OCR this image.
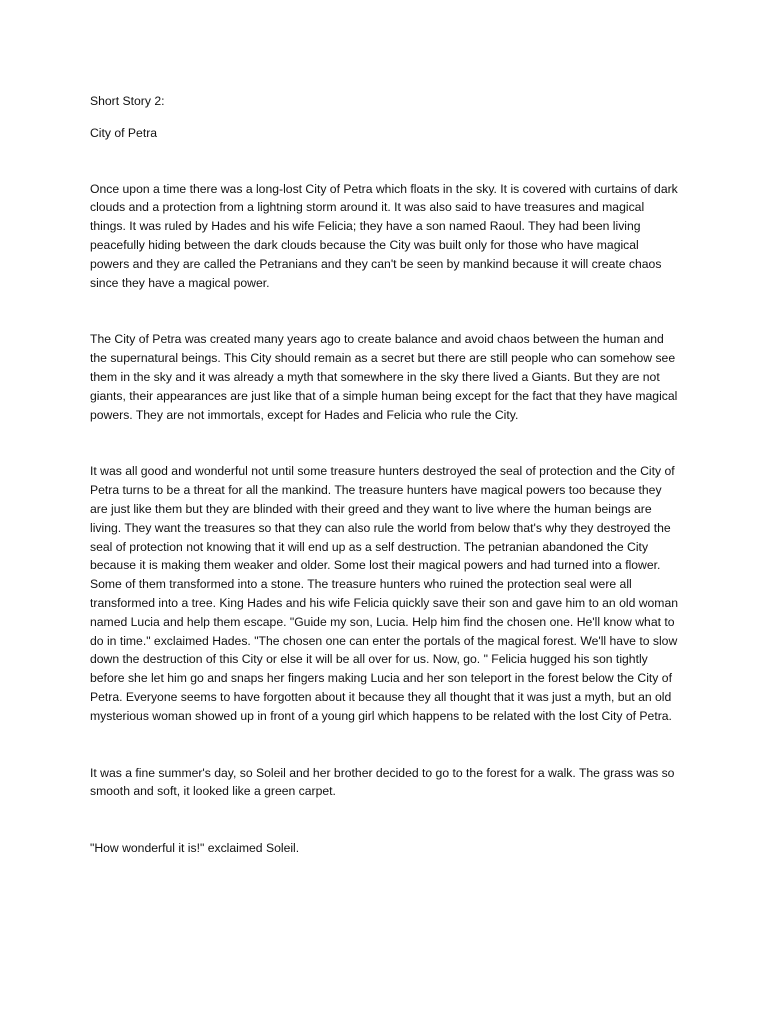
Short Story 2:

City of Petra

Once upon a time there was a long-lost City of Petra which floats in the sky. It is covered with curtains of dark clouds and a protection from a lightning storm around it. It was also said to have treasures and magical things. It was ruled by Hades and his wife Felicia; they have a son named Raoul. They had been living peacefully hiding between the dark clouds because the City was built only for those who have magical powers and they are called the Petranians and they can't be seen by mankind because it will create chaos since they have a magical power.

The City of Petra was created many years ago to create balance and avoid chaos between the human and the supernatural beings. This City should remain as a secret but there are still people who can somehow see them in the sky and it was already a myth that somewhere in the sky there lived a Giants. But they are not giants, their appearances are just like that of a simple human being except for the fact that they have magical powers. They are not immortals, except for Hades and Felicia who rule the City.

It was all good and wonderful not until some treasure hunters destroyed the seal of protection and the City of Petra turns to be a threat for all the mankind. The treasure hunters have magical powers too because they are just like them but they are blinded with their greed and they want to live where the human beings are living. They want the treasures so that they can also rule the world from below that's why they destroyed the seal of protection not knowing that it will end up as a self destruction. The petranian abandoned the City because it is making them weaker and older. Some lost their magical powers and had turned into a flower. Some of them transformed into a stone. The treasure hunters who ruined the protection seal were all transformed into a tree. King Hades and his wife Felicia quickly save their son and gave him to an old woman named Lucia and help them escape. "Guide my son, Lucia. Help him find the chosen one. He'll know what to do in time." exclaimed Hades. "The chosen one can enter the portals of the magical forest. We'll have to slow down the destruction of this City or else it will be all over for us. Now, go. " Felicia hugged his son tightly before she let him go and snaps her fingers making Lucia and her son teleport in the forest below the City of Petra. Everyone seems to have forgotten about it because they all thought that it was just a myth, but an old mysterious woman showed up in front of a young girl which happens to be related with the lost City of Petra.

It was a fine summer's day, so Soleil and her brother decided to go to the forest for a walk. The grass was so smooth and soft, it looked like a green carpet.

"How wonderful it is!" exclaimed Soleil.
